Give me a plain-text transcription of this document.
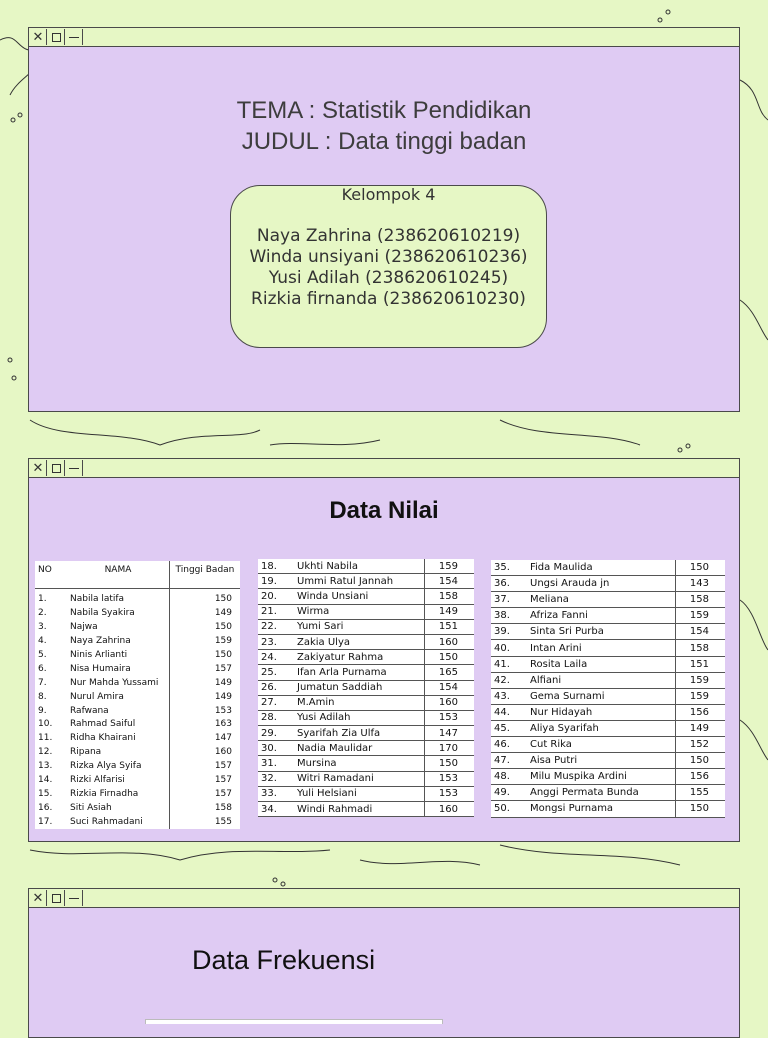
✕
TEMA : Statistik Pendidikan
JUDUL : Data tinggi badan
Kelompok 4
Naya Zahrina (238620610219)
Winda unsiyani (238620610236)
Yusi Adilah (238620610245)
Rizkia firnanda (238620610230)
✕
Data Nilai
NO	NAMA	Tinggi Badan
1.	Nabila latifa	150
2.	Nabila Syakira	149
3.	Najwa	150
4.	Naya Zahrina	159
5.	Ninis Arlianti	150
6.	Nisa Humaira	157
7.	Nur Mahda Yussami	149
8.	Nurul Amira	149
9.	Rafwana	153
10.	Rahmad Saiful	163
11.	Ridha Khairani	147
12.	Ripana	160
13.	Rizka Alya Syifa	157
14.	Rizki Alfarisi	157
15.	Rizkia Firnadha	157
16.	Siti Asiah	158
17.	Suci Rahmadani	155
18.	Ukhti Nabila	159
19.	Ummi Ratul Jannah	154
20.	Winda Unsiani	158
21.	Wirma	149
22.	Yumi Sari	151
23.	Zakia Ulya	160
24.	Zakiyatur Rahma	150
25.	Ifan Arla Purnama	165
26.	Jumatun Saddiah	154
27.	M.Amin	160
28.	Yusi Adilah	153
29.	Syarifah Zia Ulfa	147
30.	Nadia Maulidar	170
31.	Mursina	150
32.	Witri Ramadani	153
33.	Yuli Helsiani	153
34.	Windi Rahmadi	160
35.	Fida Maulida	150
36.	Ungsi Arauda jn	143
37.	Meliana	158
38.	Afriza Fanni	159
39.	Sinta Sri Purba	154
40.	Intan Arini	158
41.	Rosita Laila	151
42.	Alfiani	159
43.	Gema Surnami	159
44.	Nur Hidayah	156
45.	Aliya Syarifah	149
46.	Cut Rika	152
47.	Aisa Putri	150
48.	Milu Muspika Ardini	156
49.	Anggi Permata Bunda	155
50.	Mongsi Purnama	150
✕
Data Frekuensi
